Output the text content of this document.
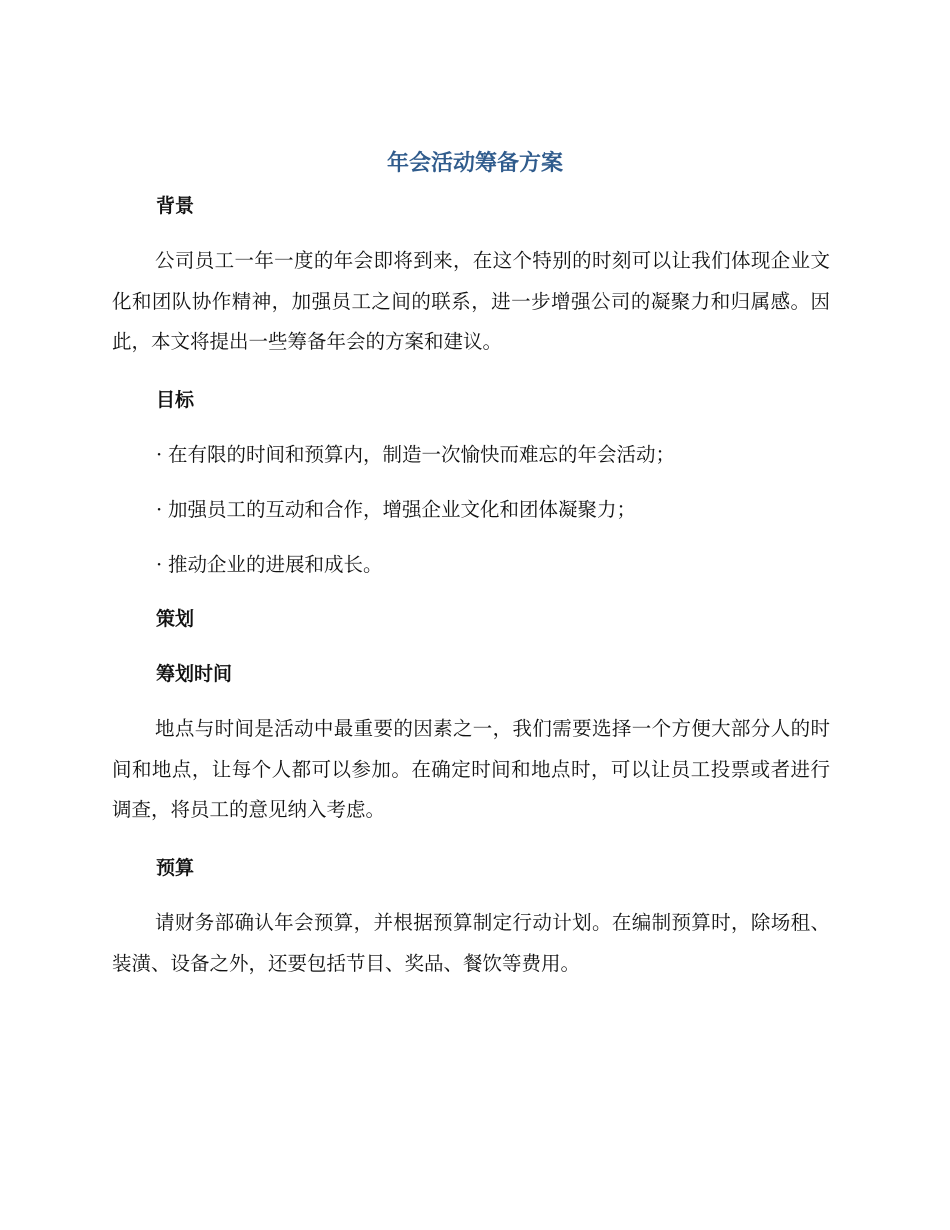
年会活动筹备方案
背景

公司员工一年一度的年会即将到来，在这个特别的时刻可以让我们体现企业文化和团队协作精神，加强员工之间的联系，进一步增强公司的凝聚力和归属感。因此，本文将提出一些筹备年会的方案和建议。

目标
· 在有限的时间和预算内，制造一次愉快而难忘的年会活动；
· 加强员工的互动和合作，增强企业文化和团体凝聚力；
· 推动企业的进展和成长。
策划
筹划时间

地点与时间是活动中最重要的因素之一，我们需要选择一个方便大部分人的时间和地点，让每个人都可以参加。在确定时间和地点时，可以让员工投票或者进行调查，将员工的意见纳入考虑。

预算

请财务部确认年会预算，并根据预算制定行动计划。在编制预算时，除场租、装潢、设备之外，还要包括节目、奖品、餐饮等费用。
